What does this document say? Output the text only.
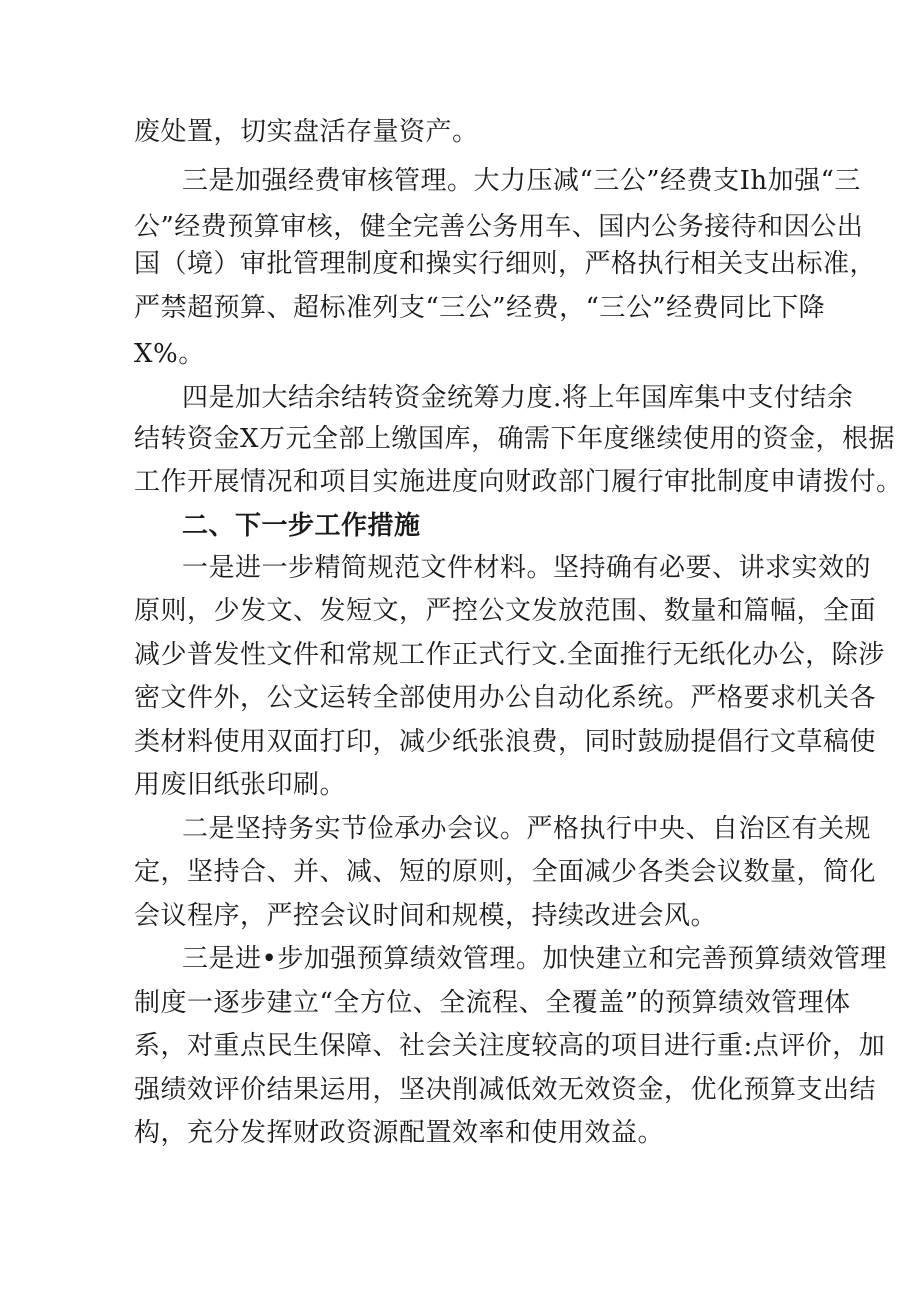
废处置，切实盘活存量资产。
三是加强经费审核管理。大力压减“三公”经费支Ih加强“三
公”经费预算审核，健全完善公务用车、国内公务接待和因公出
国（境）审批管理制度和操实行细则，严格执行相关支出标准，
严禁超预算、超标准列支“三公”经费，“三公”经费同比下降
X%。
四是加大结余结转资金统筹力度.将上年国库集中支付结余
结转资金X万元全部上缴国库，确需下年度继续使用的资金，根据
工作开展情况和项目实施进度向财政部门履行审批制度申请拨付。
二、下一步工作措施
一是进一步精简规范文件材料。坚持确有必要、讲求实效的
原则，少发文、发短文，严控公文发放范围、数量和篇幅，全面
减少普发性文件和常规工作正式行文.全面推行无纸化办公，除涉
密文件外，公文运转全部使用办公自动化系统。严格要求机关各
类材料使用双面打印，减少纸张浪费，同时鼓励提倡行文草稿使
用废旧纸张印刷。
二是坚持务实节俭承办会议。严格执行中央、自治区有关规
定，坚持合、并、减、短的原则，全面减少各类会议数量，简化
会议程序，严控会议时间和规模，持续改进会风。
三是进•步加强预算绩效管理。加快建立和完善预算绩效管理
制度一逐步建立“全方位、全流程、全覆盖”的预算绩效管理体
系，对重点民生保障、社会关注度较高的项目进行重:点评价，加
强绩效评价结果运用，坚决削减低效无效资金，优化预算支出结
构，充分发挥财政资源配置效率和使用效益。
